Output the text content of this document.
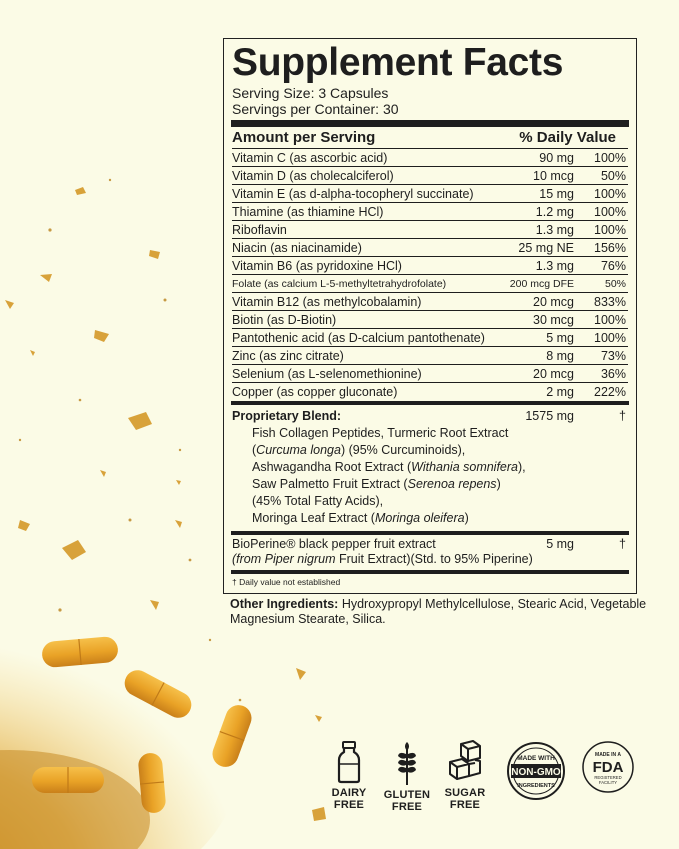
Supplement Facts
Serving Size: 3 Capsules
Servings per Container: 30
Amount per Serving	% Daily Value
Vitamin C (as ascorbic acid)	90 mg	100%
Vitamin D (as cholecalciferol)	10 mcg	50%
Vitamin E (as d-alpha-tocopheryl succinate)	15 mg	100%
Thiamine (as thiamine HCl)	1.2 mg	100%
Riboflavin	1.3 mg	100%
Niacin (as niacinamide)	25 mg NE	156%
Vitamin B6 (as pyridoxine HCl)	1.3 mg	76%
Folate (as calcium L-5-methyltetrahydrofolate)	200 mcg DFE	50%
Vitamin B12 (as methylcobalamin)	20 mcg	833%
Biotin (as D-Biotin)	30 mcg	100%
Pantothenic acid (as D-calcium pantothenate)	5 mg	100%
Zinc (as zinc citrate)	8 mg	73%
Selenium (as L-selenomethionine)	20 mcg	36%
Copper (as copper gluconate)	2 mg	222%
Proprietary Blend:	1575 mg	†
Fish Collagen Peptides, Turmeric Root Extract
(Curcuma longa) (95% Curcuminoids),
Ashwagandha Root Extract (Withania somnifera),
Saw Palmetto Fruit Extract (Serenoa repens)
(45% Total Fatty Acids),
Moringa Leaf Extract (Moringa oleifera)
BioPerine® black pepper fruit extract	5 mg	†
(from Piper nigrum Fruit Extract)(Std. to 95% Piperine)
† Daily value not established
Other Ingredients: Hydroxypropyl Methylcellulose, Stearic Acid, Vegetable Magnesium Stearate, Silica.
DAIRY
FREE
GLUTEN
FREE
SUGAR
FREE
MADE WITH
NON-GMO
INGREDIENTS
MADE IN A
FDA
REGISTERED
FACILITY
